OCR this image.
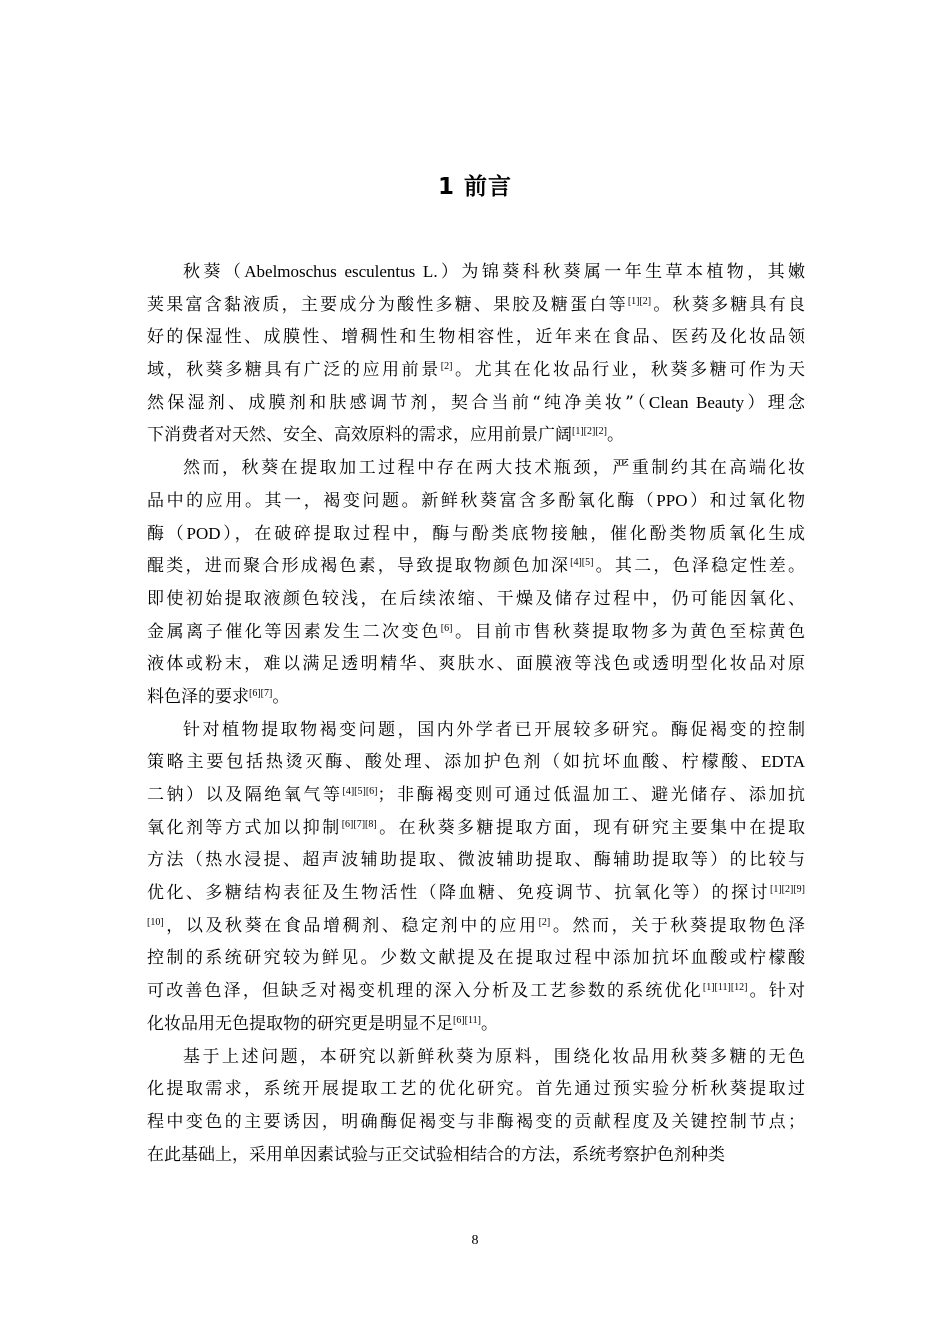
1 前言
秋葵（Abelmoschus esculentus L.）为锦葵科秋葵属一年生草本植物，其嫩
荚果富含黏液质，主要成分为酸性多糖、果胶及糖蛋白等[1][2]。秋葵多糖具有良
好的保湿性、成膜性、增稠性和生物相容性，近年来在食品、医药及化妆品领
域，秋葵多糖具有广泛的应用前景[2]。尤其在化妆品行业，秋葵多糖可作为天
然保湿剂、成膜剂和肤感调节剂，契合当前“纯净美妆”（Clean Beauty）理念
下消费者对天然、安全、高效原料的需求，应用前景广阔[1][2][2]。
然而，秋葵在提取加工过程中存在两大技术瓶颈，严重制约其在高端化妆
品中的应用。其一，褐变问题。新鲜秋葵富含多酚氧化酶（PPO）和过氧化物
酶（POD），在破碎提取过程中，酶与酚类底物接触，催化酚类物质氧化生成
醌类，进而聚合形成褐色素，导致提取物颜色加深[4][5]。其二，色泽稳定性差。
即使初始提取液颜色较浅，在后续浓缩、干燥及储存过程中，仍可能因氧化、
金属离子催化等因素发生二次变色[6]。目前市售秋葵提取物多为黄色至棕黄色
液体或粉末，难以满足透明精华、爽肤水、面膜液等浅色或透明型化妆品对原
料色泽的要求[6][7]。
针对植物提取物褐变问题，国内外学者已开展较多研究。酶促褐变的控制
策略主要包括热烫灭酶、酸处理、添加护色剂（如抗坏血酸、柠檬酸、EDTA
二钠）以及隔绝氧气等[4][5][6]；非酶褐变则可通过低温加工、避光储存、添加抗
氧化剂等方式加以抑制[6][7][8]。在秋葵多糖提取方面，现有研究主要集中在提取
方法（热水浸提、超声波辅助提取、微波辅助提取、酶辅助提取等）的比较与
优化、多糖结构表征及生物活性（降血糖、免疫调节、抗氧化等）的探讨[1][2][9]
[10]，以及秋葵在食品增稠剂、稳定剂中的应用[2]。然而，关于秋葵提取物色泽
控制的系统研究较为鲜见。少数文献提及在提取过程中添加抗坏血酸或柠檬酸
可改善色泽，但缺乏对褐变机理的深入分析及工艺参数的系统优化[1][11][12]。针对
化妆品用无色提取物的研究更是明显不足[6][11]。
基于上述问题，本研究以新鲜秋葵为原料，围绕化妆品用秋葵多糖的无色
化提取需求，系统开展提取工艺的优化研究。首先通过预实验分析秋葵提取过
程中变色的主要诱因，明确酶促褐变与非酶褐变的贡献程度及关键控制节点；
在此基础上，采用单因素试验与正交试验相结合的方法，系统考察护色剂种类
8
